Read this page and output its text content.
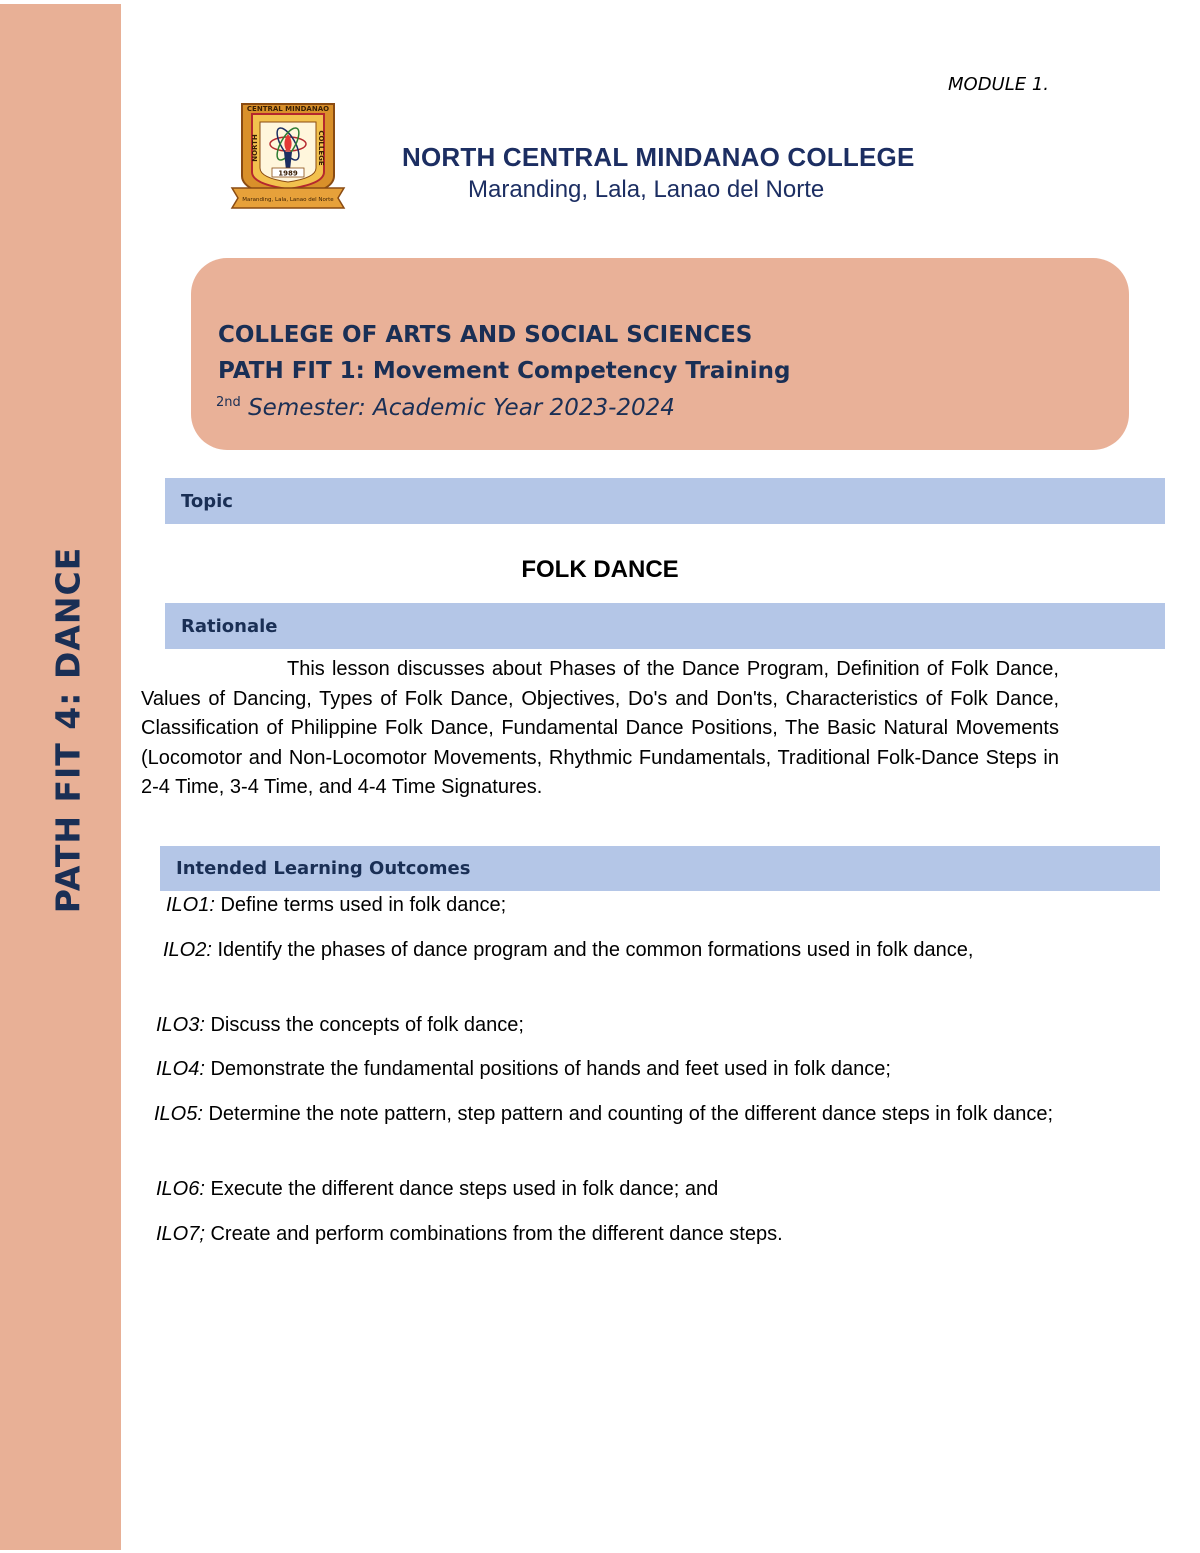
PATH FIT 4: DANCE
MODULE 1.
CENTRAL MINDANAO
NORTH	COLLEGE
1989
Maranding, Lala, Lanao del Norte
NORTH CENTRAL MINDANAO COLLEGE
Maranding, Lala, Lanao del Norte
COLLEGE OF ARTS AND SOCIAL SCIENCES
PATH FIT 1: Movement Competency Training
$^{2nd}$ Semester: Academic Year 2023-2024
Topic
FOLK DANCE
Rationale
This lesson discusses about Phases of the Dance Program, Definition of Folk Dance, Values of Dancing, Types of Folk Dance, Objectives, Do's and Don'ts, Characteristics of Folk Dance, Classification of Philippine Folk Dance, Fundamental Dance Positions, The Basic Natural Movements (Locomotor and Non-Locomotor Movements, Rhythmic Fundamentals, Traditional Folk-Dance Steps in 2-4 Time, 3-4 Time, and 4-4 Time Signatures.
Intended Learning Outcomes
ILO1: Define terms used in folk dance;
ILO2: Identify the phases of dance program and the common formations used in folk dance,
ILO3: Discuss the concepts of folk dance;
ILO4: Demonstrate the fundamental positions of hands and feet used in folk dance;
ILO5: Determine the note pattern, step pattern and counting of the different dance steps in folk dance;
ILO6: Execute the different dance steps used in folk dance; and
ILO7; Create and perform combinations from the different dance steps.
